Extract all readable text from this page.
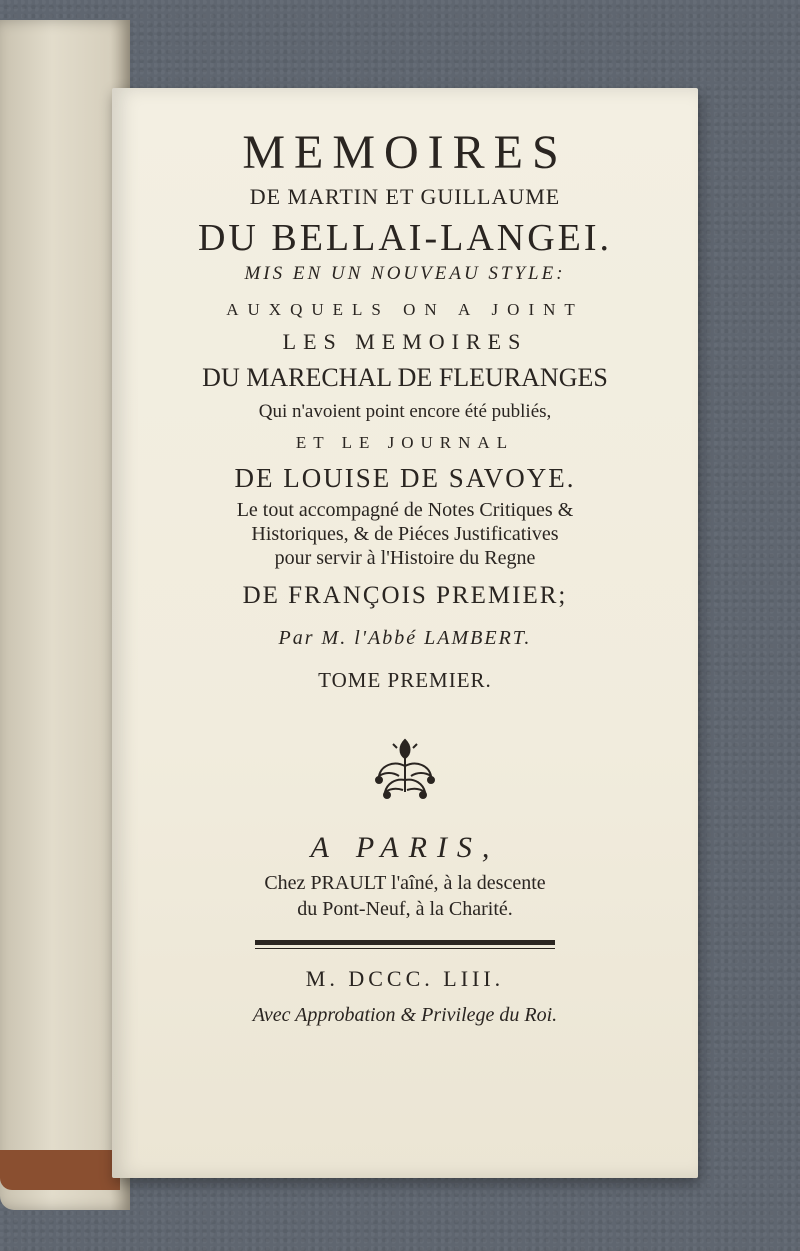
MEMOIRES
DE MARTIN ET GUILLAUME
DU BELLAI-LANGEI.
MIS EN UN NOUVEAU STYLE:
AUXQUELS ON A JOINT
LES MEMOIRES
DU MARECHAL DE FLEURANGES
Qui n'avoient point encore été publiés,
ET LE JOURNAL
DE LOUISE DE SAVOYE.
Le tout accompagné de Notes Critiques &
Historiques, & de Piéces Justificatives
pour servir à l'Histoire du Regne
DE FRANÇOIS PREMIER;
Par M. l'Abbé LAMBERT.
TOME PREMIER.
A PARIS,
Chez PRAULT l'aîné, à la descente
du Pont-Neuf, à la Charité.
M. DCCC. LIII.
Avec Approbation & Privilege du Roi.
